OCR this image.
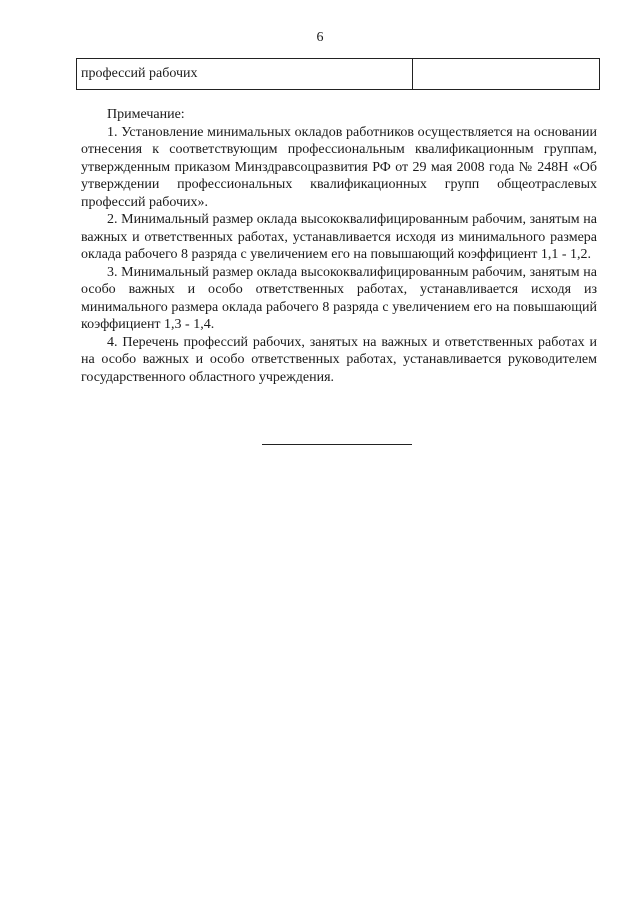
6
профессий рабочих	
Примечание:

1. Установление минимальных окладов работников осуществляется на основании отнесения к соответствующим профессиональным квалификационным группам, утвержденным приказом Минздравсоцразвития РФ от 29 мая 2008 года № 248Н «Об утверждении профессиональных квалификационных групп общеотраслевых профессий рабочих».

2. Минимальный размер оклада высококвалифицированным рабочим, занятым на важных и ответственных работах, устанавливается исходя из минимального размера оклада рабочего 8 разряда с увеличением его на повышающий коэффициент 1,1 - 1,2.

3. Минимальный размер оклада высококвалифицированным рабочим, занятым на особо важных и особо ответственных работах, устанавливается исходя из минимального размера оклада рабочего 8 разряда с увеличением его на повышающий коэффициент 1,3 - 1,4.

4. Перечень профессий рабочих, занятых на важных и ответственных работах и на особо важных и особо ответственных работах, устанавливается руководителем государственного областного учреждения.
